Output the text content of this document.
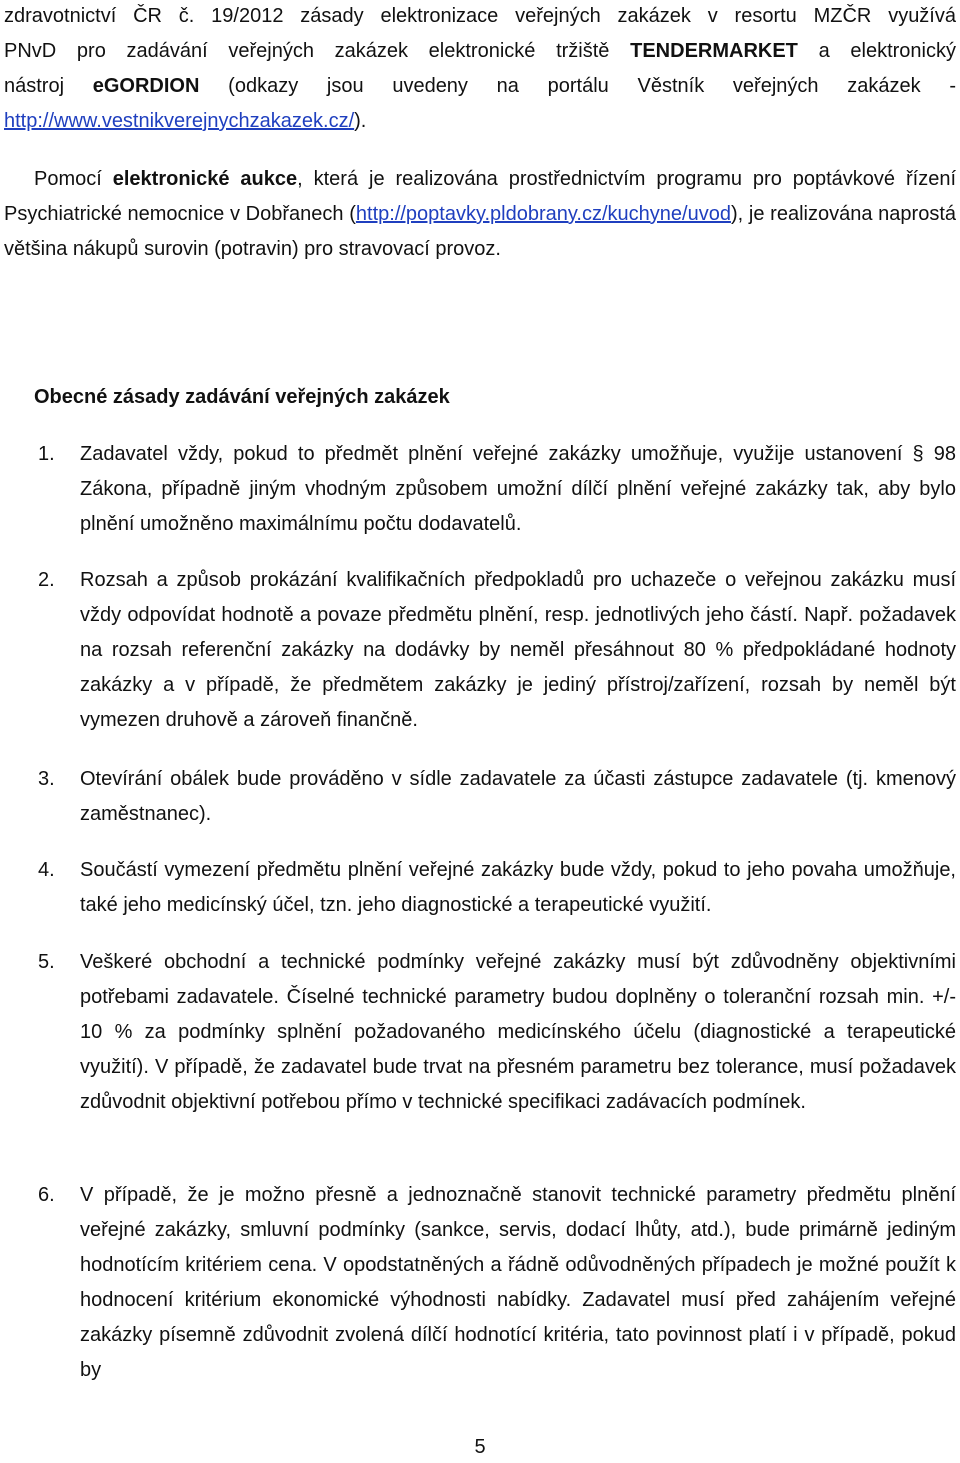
zdravotnictví ČR č. 19/2012 zásady elektronizace veřejných zakázek v resortu MZČR využívá

PNvD pro zadávání veřejných zakázek elektronické tržiště TENDERMARKET a elektronický

nástroj eGORDION (odkazy jsou uvedeny na portálu Věstník veřejných zakázek -

http://www.vestnikverejnychzakazek.cz/).

Pomocí elektronické aukce, která je realizována prostřednictvím programu pro poptávkové řízení Psychiatrické nemocnice v Dobřanech (http://poptavky.pldobrany.cz/kuchyne/uvod), je realizována naprostá většina nákupů surovin (potravin) pro stravovací provoz.

Obecné zásady zadávání veřejných zakázek
1.	Zadavatel vždy, pokud to předmět plnění veřejné zakázky umožňuje, využije ustanovení § 98 Zákona, případně jiným vhodným způsobem umožní dílčí plnění veřejné zakázky tak, aby bylo plnění umožněno maximálnímu počtu dodavatelů.

2.	Rozsah a způsob prokázání kvalifikačních předpokladů pro uchazeče o veřejnou zakázku musí vždy odpovídat hodnotě a povaze předmětu plnění, resp. jednotlivých jeho částí. Např. požadavek na rozsah referenční zakázky na dodávky by neměl přesáhnout 80 % předpokládané hodnoty zakázky a v případě, že předmětem zakázky je jediný přístroj/zařízení, rozsah by neměl být vymezen druhově a zároveň finančně.

3.	Otevírání obálek bude prováděno v sídle zadavatele za účasti zástupce zadavatele (tj. kmenový zaměstnanec).

4.	Součástí vymezení předmětu plnění veřejné zakázky bude vždy, pokud to jeho povaha umožňuje, také jeho medicínský účel, tzn. jeho diagnostické a terapeutické využití.

5.	Veškeré obchodní a technické podmínky veřejné zakázky musí být zdůvodněny objektivními potřebami zadavatele. Číselné technické parametry budou doplněny o toleranční rozsah min. +/- 10 % za podmínky splnění požadovaného medicínského účelu (diagnostické a terapeutické využití). V případě, že zadavatel bude trvat na přesném parametru bez tolerance, musí požadavek zdůvodnit objektivní potřebou přímo v technické specifikaci zadávacích podmínek.

6.	V případě, že je možno přesně a jednoznačně stanovit technické parametry předmětu plnění veřejné zakázky, smluvní podmínky (sankce, servis, dodací lhůty, atd.), bude primárně jediným hodnotícím kritériem cena. V opodstatněných a řádně odůvodněných případech je možné použít k hodnocení kritérium ekonomické výhodnosti nabídky. Zadavatel musí před zahájením veřejné zakázky písemně zdůvodnit zvolená dílčí hodnotící kritéria, tato povinnost platí i v případě, pokud by

5
